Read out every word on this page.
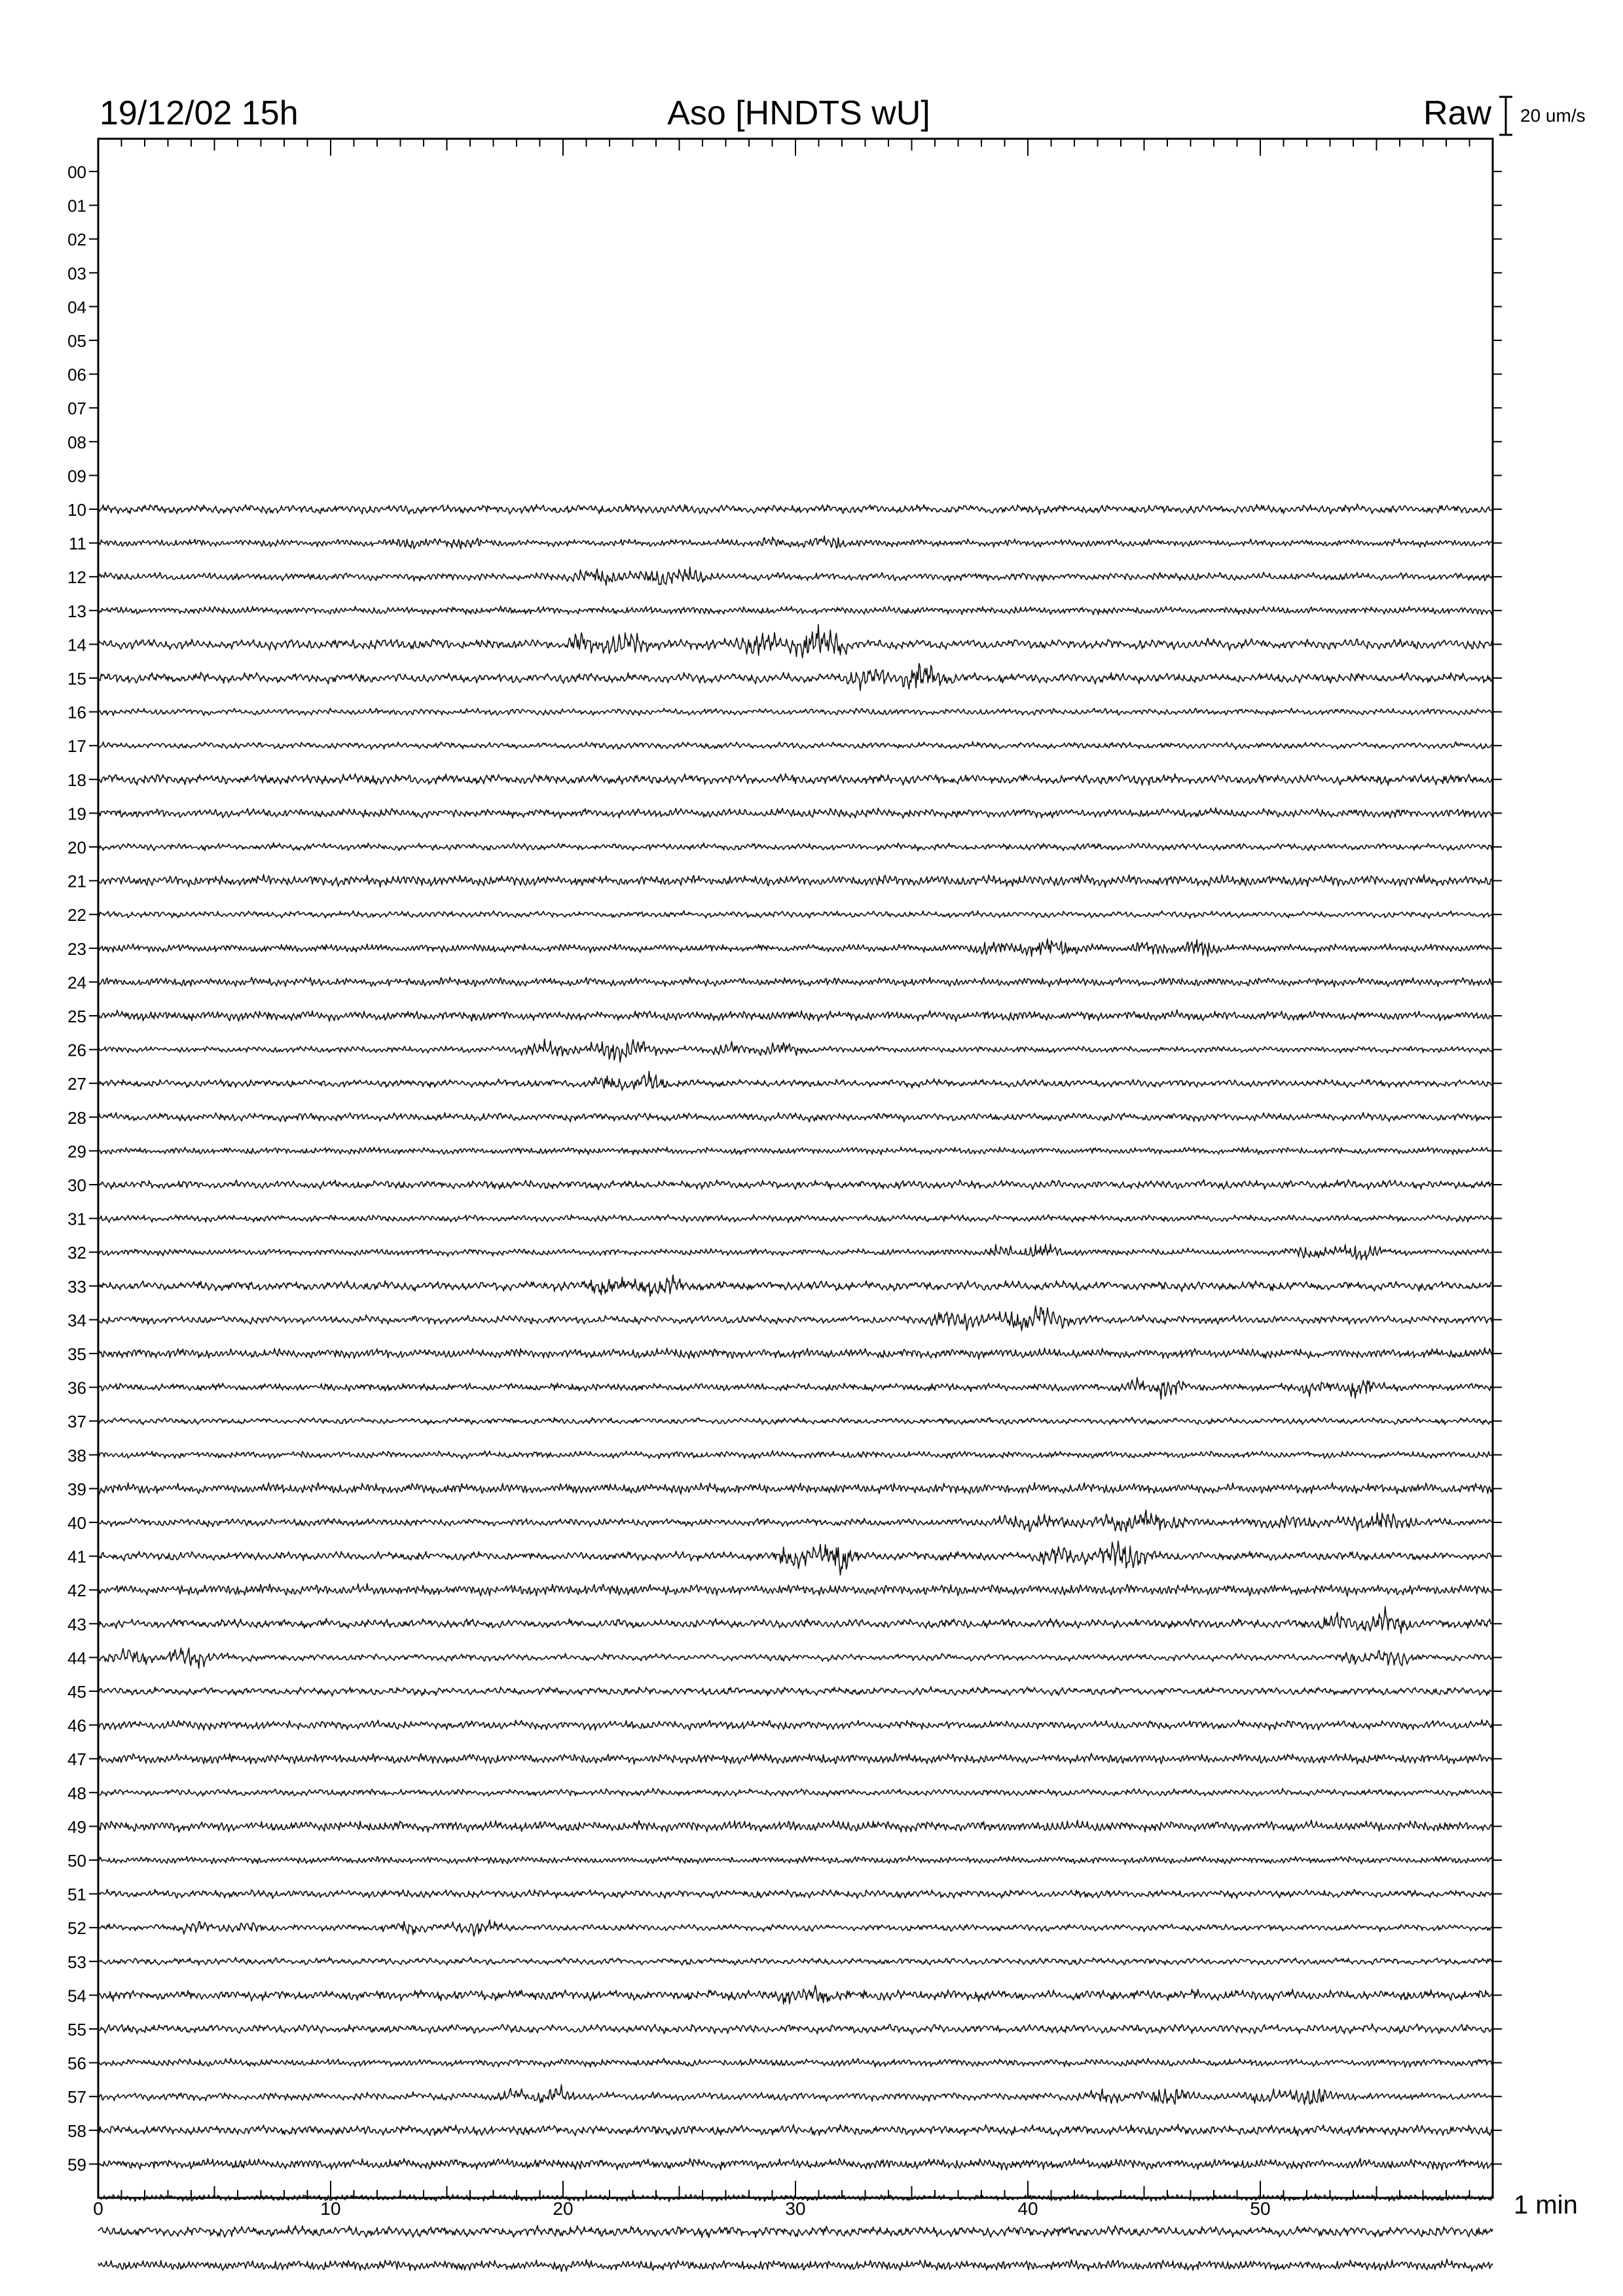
19/12/02 15h	Aso [HNDTS wU]	Raw 20 um/s
00
01
02
03
04
05
06
07
08
09
10
11
12
13
14
15
16
17
18
19
20
21
22
23
24
25
26
27
28
29
30
31
32
33
34
35
36
37
38
39
40
41
42
43
44
45
46
47
48
49
50
51
52
53
54
55
56
57
58
59
0	10	20	30	40	50	1 min
